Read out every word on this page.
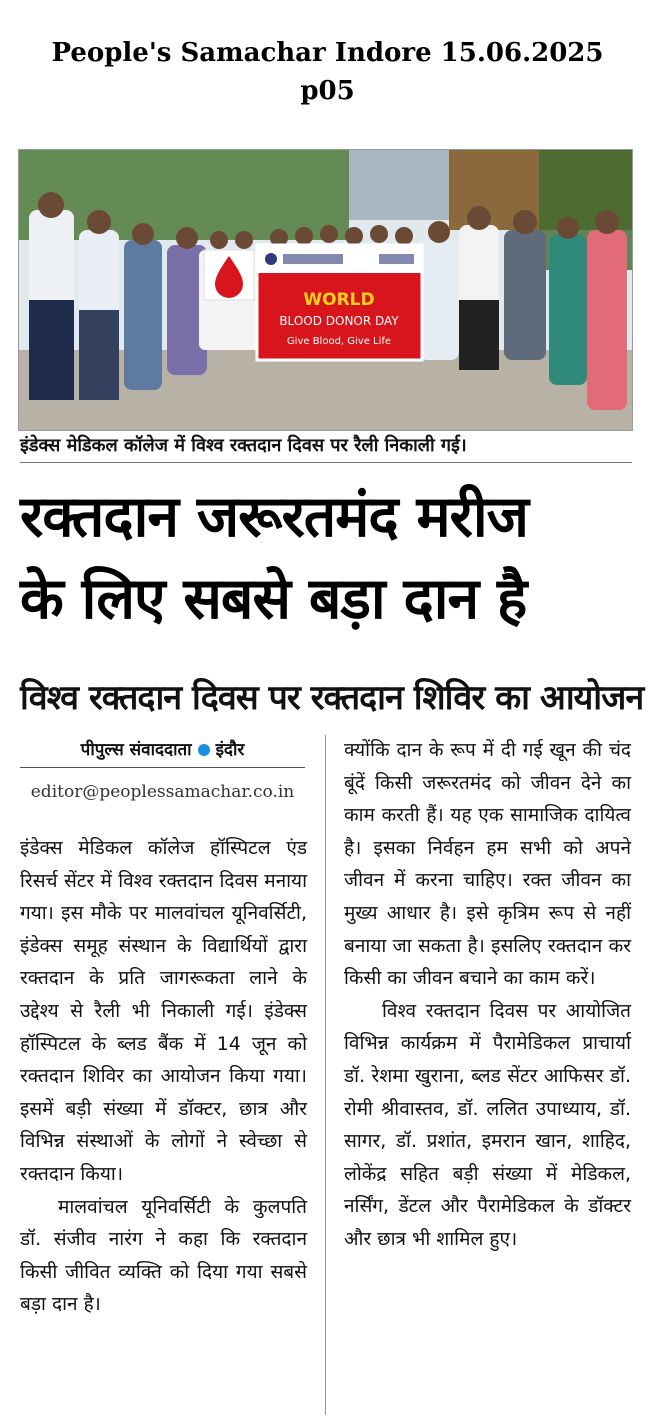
People's Samachar Indore 15.06.2025
p05
WORLD
BLOOD DONOR DAY
Give Blood, Give Life
इंडेक्स मेडिकल कॉलेज में विश्व रक्तदान दिवस पर रैली निकाली गई।
रक्तदान जरूरतमंद मरीज
के लिए सबसे बड़ा दान है
विश्व रक्तदान दिवस पर रक्तदान शिविर का आयोजन
पीपुल्स संवाददाता इंदौर
editor@peoplessamachar.co.in

इंडेक्स मेडिकल कॉलेज हॉस्पिटल एंड रिसर्च सेंटर में विश्व रक्तदान दिवस मनाया गया। इस मौके पर मालवांचल यूनिवर्सिटी, इंडेक्स समूह संस्थान के विद्यार्थियों द्वारा रक्तदान के प्रति जागरूकता लाने के उद्देश्य से रैली भी निकाली गई। इंडेक्स हॉस्पिटल के ब्लड बैंक में 14 जून को रक्तदान शिविर का आयोजन किया गया। इसमें बड़ी संख्या में डॉक्टर, छात्र और विभिन्न संस्थाओं के लोगों ने स्वेच्छा से रक्तदान किया।

मालवांचल यूनिवर्सिटी के कुलपति डॉ. संजीव नारंग ने कहा कि रक्तदान किसी जीवित व्यक्ति को दिया गया सबसे बड़ा दान है।

क्योंकि दान के रूप में दी गई खून की चंद बूंदें किसी जरूरतमंद को जीवन देने का काम करती हैं। यह एक सामाजिक दायित्व है। इसका निर्वहन हम सभी को अपने जीवन में करना चाहिए। रक्त जीवन का मुख्य आधार है। इसे कृत्रिम रूप से नहीं बनाया जा सकता है। इसलिए रक्तदान कर किसी का जीवन बचाने का काम करें।

विश्व रक्तदान दिवस पर आयोजित विभिन्न कार्यक्रम में पैरामेडिकल प्राचार्या डॉ. रेशमा खुराना, ब्लड सेंटर आफिसर डॉ. रोमी श्रीवास्तव, डॉ. ललित उपाध्याय, डॉ. सागर, डॉ. प्रशांत, इमरान खान, शाहिद, लोकेंद्र सहित बड़ी संख्या में मेडिकल, नर्सिंग, डेंटल और पैरामेडिकल के डॉक्टर और छात्र भी शामिल हुए।
